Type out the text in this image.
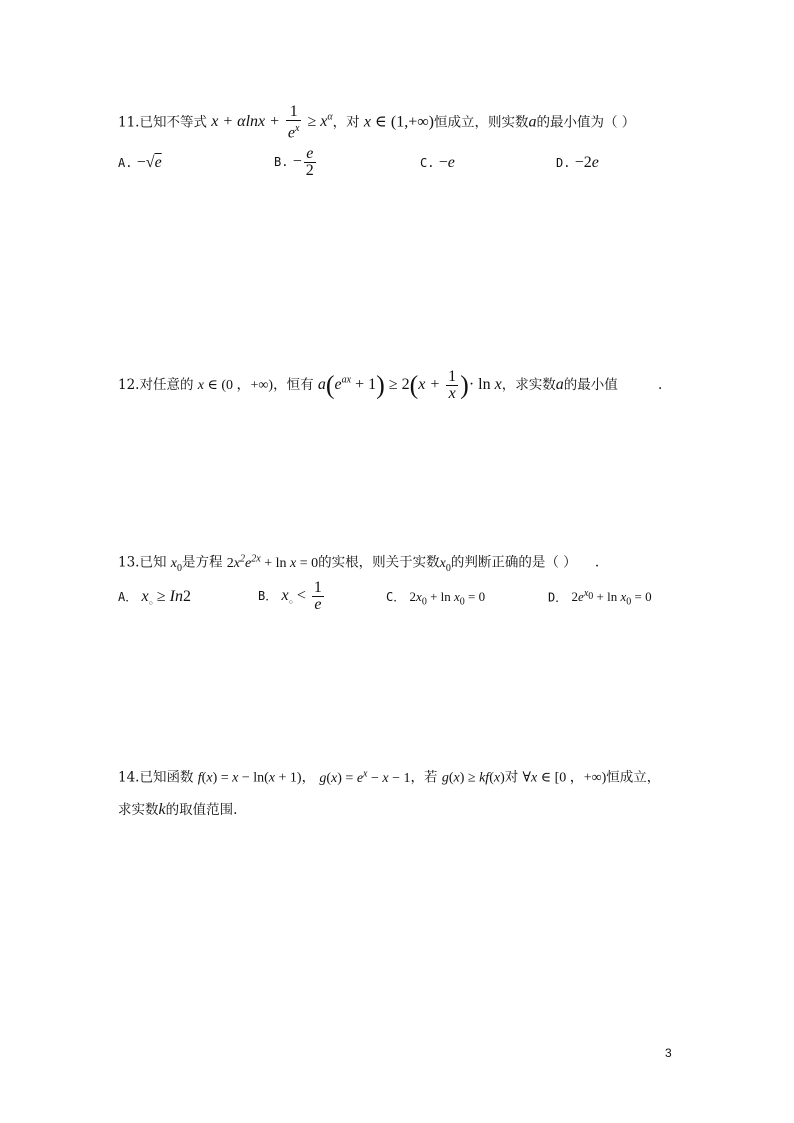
11.已知不等式 $x + \alpha\ln x + \frac{1}{e^x} \ge x^\alpha$，对 x ∈ (1,+∞)恒成立，则实数a的最小值为（ ）
A. −√e	B. − $\frac{e}{2}$	C. −e	D. −2e
12.对任意的 x ∈ (0 ，+∞)，恒有 $a(e^{ax} + 1) \ge 2(x + \frac{1}{x}$ )· ln x，求实数a的最小值	.
13.已知 $x_0$是方程 $2x^2e^{2x} + \ln x = 0$的实根，则关于实数$x_0$的判断正确的是（ ） .
A． $x_○ \ge In2$	B． $x_○ < \frac{1}{e}$	C． $2x_0 + \ln x_0 = 0$	D． $2e^{x_0} + \ln x_0 = 0$
14.已知函数 f(x) = x − ln(x + 1)， $g(x) = e^x - x - 1$，若 g(x) ≥ kf(x)对 ∀x ∈ [0 ，+∞)恒成立，
求实数k的取值范围.
3
